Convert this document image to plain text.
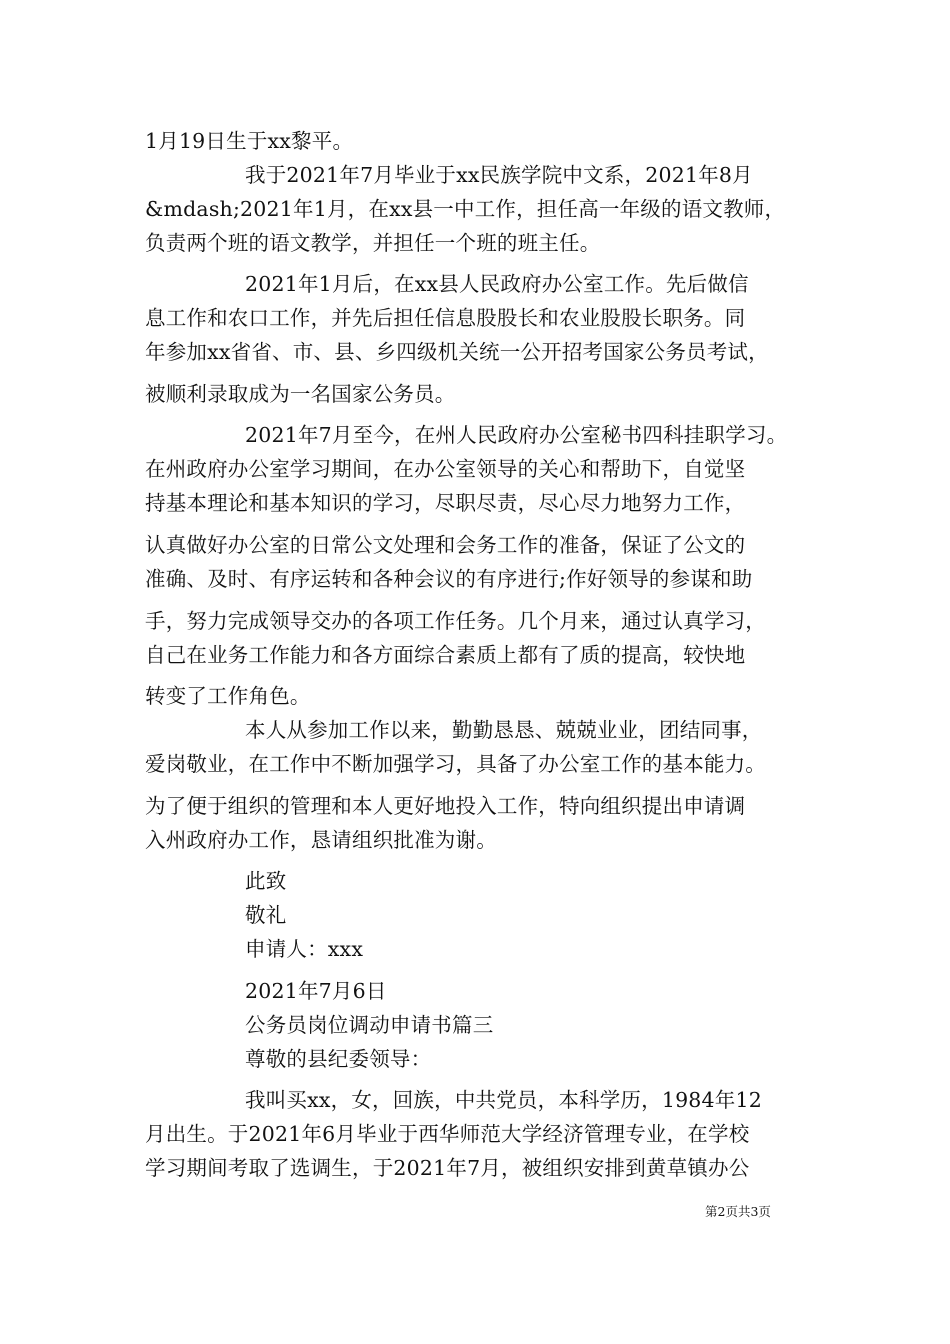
1月19日生于xx黎平。
我于2021年7月毕业于xx民族学院中文系，2021年8月
&mdash;2021年1月，在xx县一中工作，担任高一年级的语文教师，
负责两个班的语文教学，并担任一个班的班主任。
2021年1月后，在xx县人民政府办公室工作。先后做信
息工作和农口工作，并先后担任信息股股长和农业股股长职务。同
年参加xx省省、市、县、乡四级机关统一公开招考国家公务员考试，
被顺利录取成为一名国家公务员。
2021年7月至今，在州人民政府办公室秘书四科挂职学习。
在州政府办公室学习期间，在办公室领导的关心和帮助下，自觉坚
持基本理论和基本知识的学习，尽职尽责，尽心尽力地努力工作，
认真做好办公室的日常公文处理和会务工作的准备，保证了公文的
准确、及时、有序运转和各种会议的有序进行;作好领导的参谋和助
手，努力完成领导交办的各项工作任务。几个月来，通过认真学习，
自己在业务工作能力和各方面综合素质上都有了质的提高，较快地
转变了工作角色。
本人从参加工作以来，勤勤恳恳、兢兢业业，团结同事，
爱岗敬业，在工作中不断加强学习，具备了办公室工作的基本能力。
为了便于组织的管理和本人更好地投入工作，特向组织提出申请调
入州政府办工作，恳请组织批准为谢。
此致
敬礼
申请人：xxx
2021年7月6日
公务员岗位调动申请书篇三
尊敬的县纪委领导：
我叫买xx，女，回族，中共党员，本科学历，1984年12
月出生。于2021年6月毕业于西华师范大学经济管理专业，在学校
学习期间考取了选调生，于2021年7月，被组织安排到黄草镇办公
第2页共3页
